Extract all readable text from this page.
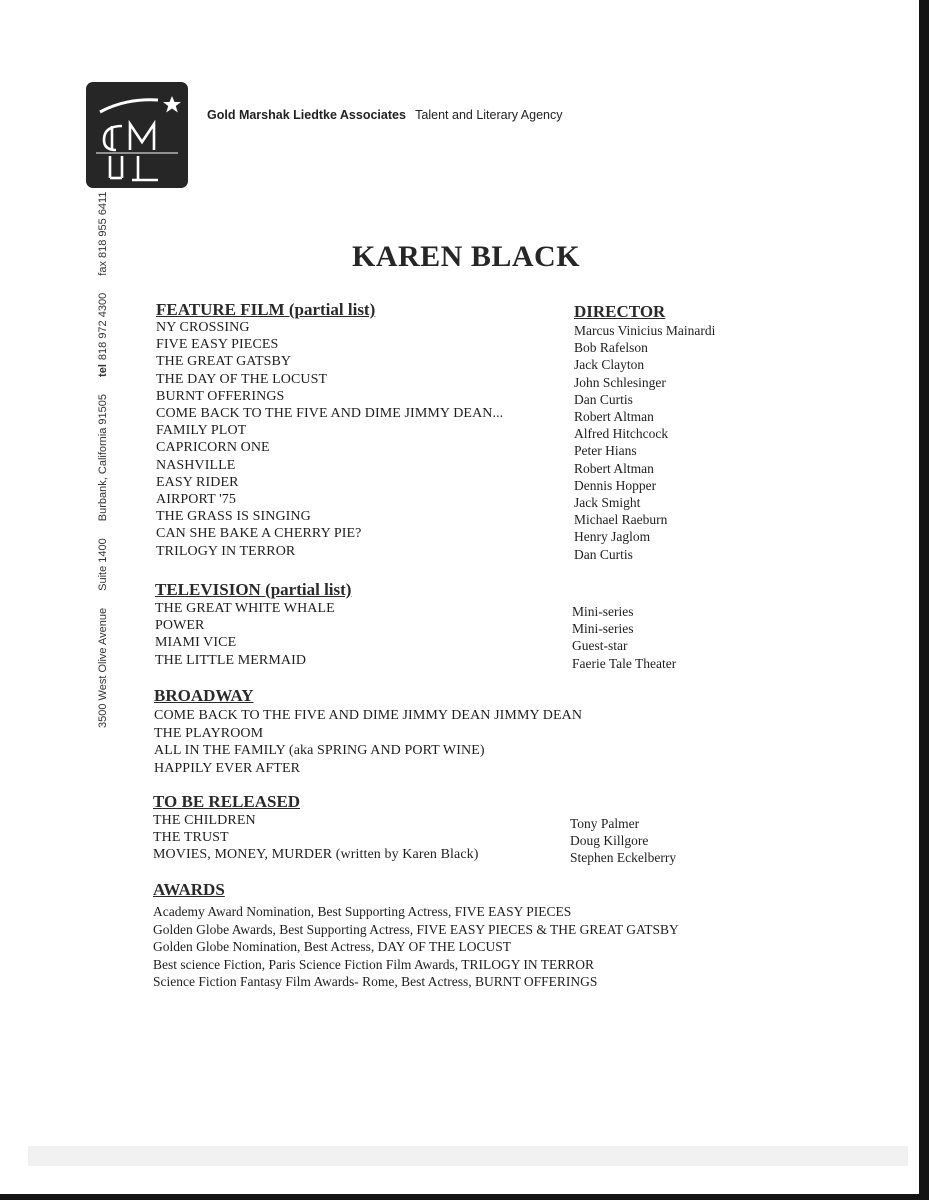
Gold Marshak Liedtke Associates Talent and Literary Agency
3500 West Olive Avenue Suite 1400 Burbank, California 91505 tel818 972 4300 fax 818 955 6411	KAREN BLACK
FEATURE FILM (partial list)	DIRECTOR
NY CROSSING
FIVE EASY PIECES
THE GREAT GATSBY
THE DAY OF THE LOCUST
BURNT OFFERINGS
COME BACK TO THE FIVE AND DIME JIMMY DEAN...
FAMILY PLOT
CAPRICORN ONE
NASHVILLE
EASY RIDER
AIRPORT '75
THE GRASS IS SINGING
CAN SHE BAKE A CHERRY PIE?
TRILOGY IN TERROR
Marcus Vinicius Mainardi
Bob Rafelson
Jack Clayton
John Schlesinger
Dan Curtis
Robert Altman
Alfred Hitchcock
Peter Hians
Robert Altman
Dennis Hopper
Jack Smight
Michael Raeburn
Henry Jaglom
Dan Curtis
TELEVISION (partial list)
THE GREAT WHITE WHALE
POWER
MIAMI VICE
THE LITTLE MERMAID
Mini-series
Mini-series
Guest-star
Faerie Tale Theater
BROADWAY
COME BACK TO THE FIVE AND DIME JIMMY DEAN JIMMY DEAN
THE PLAYROOM
ALL IN THE FAMILY (aka SPRING AND PORT WINE)
HAPPILY EVER AFTER
TO BE RELEASED
THE CHILDREN
THE TRUST
MOVIES, MONEY, MURDER (written by Karen Black)
Tony Palmer
Doug Killgore
Stephen Eckelberry
AWARDS
Academy Award Nomination, Best Supporting Actress, FIVE EASY PIECES
Golden Globe Awards, Best Supporting Actress, FIVE EASY PIECES & THE GREAT GATSBY
Golden Globe Nomination, Best Actress, DAY OF THE LOCUST
Best science Fiction, Paris Science Fiction Film Awards, TRILOGY IN TERROR
Science Fiction Fantasy Film Awards- Rome, Best Actress, BURNT OFFERINGS
